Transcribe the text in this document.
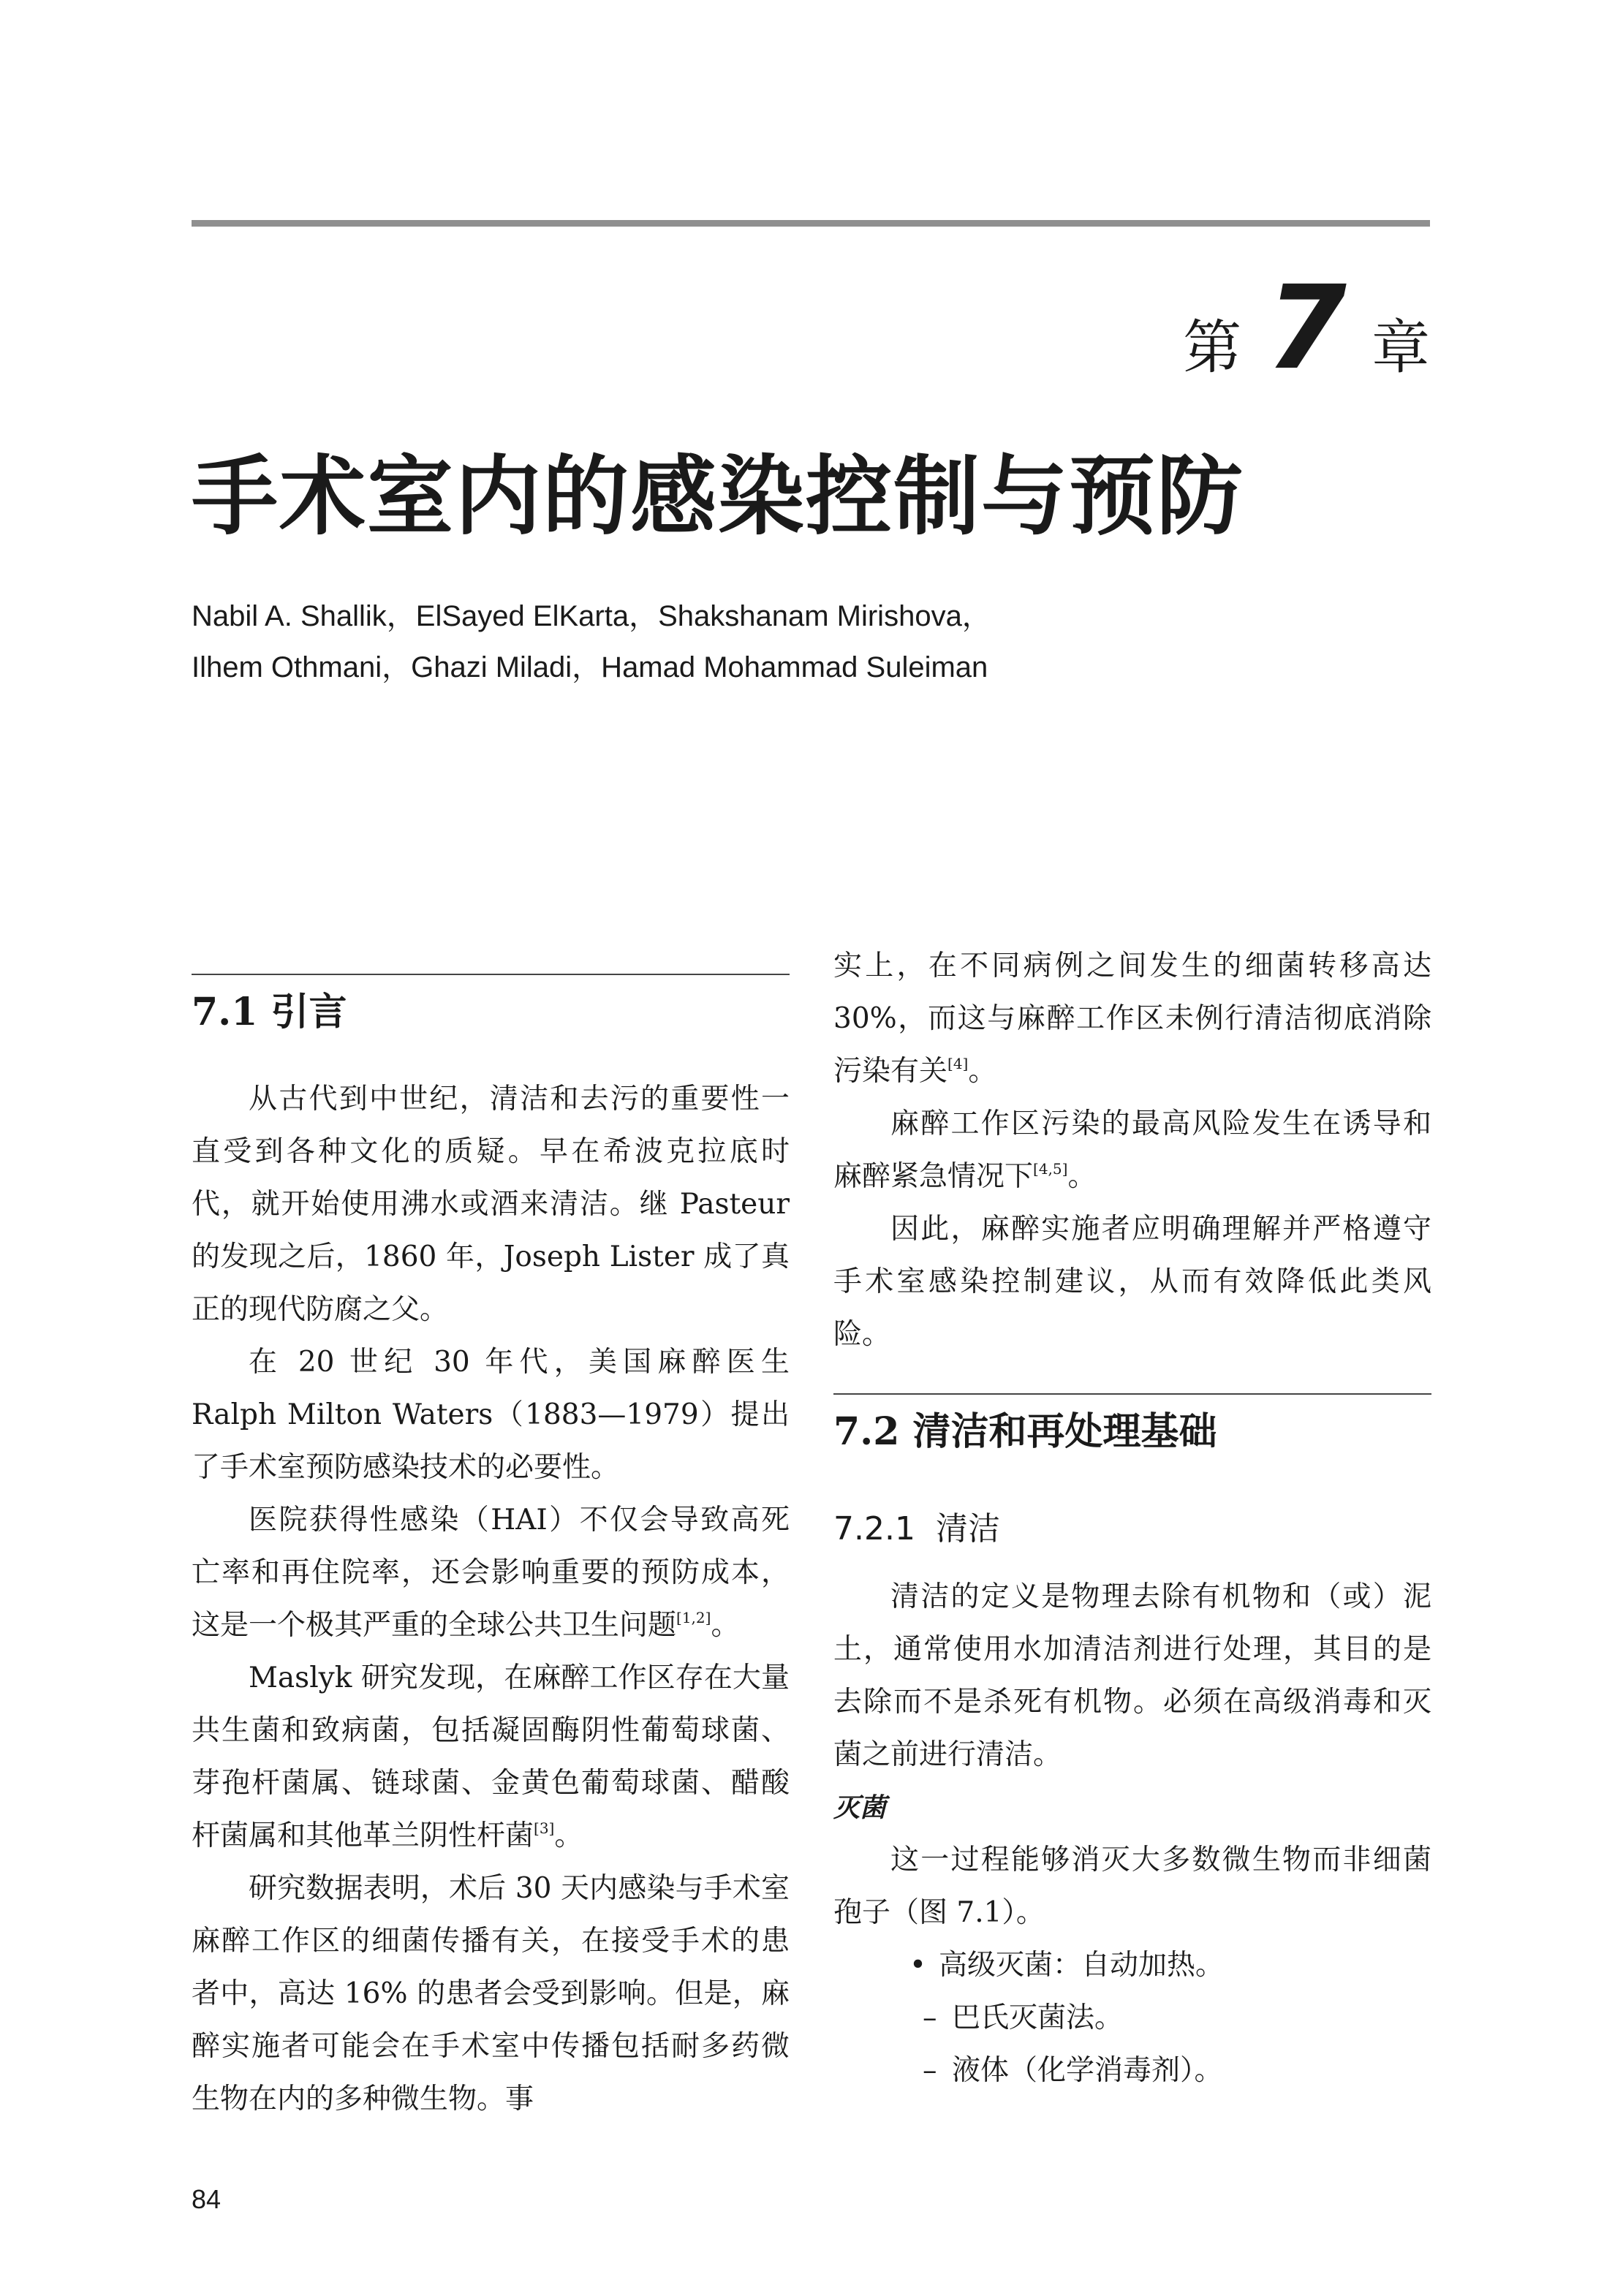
第 7 章
手术室内的感染控制与预防
Nabil A. Shallik，ElSayed ElKarta，Shakshanam Mirishova，
Ilhem Othmani，Ghazi Miladi，Hamad Mohammad Suleiman
7.1 引言

从古代到中世纪，清洁和去污的重要性一直受到各种文化的质疑。早在希波克拉底时代，就开始使用沸水或酒来清洁。继 Pasteur 的发现之后，1860 年，Joseph Lister 成了真正的现代防腐之父。

在 20 世纪 30 年代，美国麻醉医生 Ralph Milton Waters（1883—1979）提出了手术室预防感染技术的必要性。

医院获得性感染（HAI）不仅会导致高死亡率和再住院率，还会影响重要的预防成本，这是一个极其严重的全球公共卫生问题[1,2]。

Maslyk 研究发现，在麻醉工作区存在大量共生菌和致病菌，包括凝固酶阴性葡萄球菌、芽孢杆菌属、链球菌、金黄色葡萄球菌、醋酸杆菌属和其他革兰阴性杆菌[3]。

研究数据表明，术后 30 天内感染与手术室麻醉工作区的细菌传播有关，在接受手术的患者中，高达 16% 的患者会受到影响。但是，麻醉实施者可能会在手术室中传播包括耐多药微生物在内的多种微生物。事

实上，在不同病例之间发生的细菌转移高达 30%，而这与麻醉工作区未例行清洁彻底消除污染有关[4]。

麻醉工作区污染的最高风险发生在诱导和麻醉紧急情况下[4,5]。

因此，麻醉实施者应明确理解并严格遵守手术室感染控制建议，从而有效降低此类风险。

7.2 清洁和再处理基础
7.2.1 清洁

清洁的定义是物理去除有机物和（或）泥土，通常使用水加清洁剂进行处理，其目的是去除而不是杀死有机物。必须在高级消毒和灭菌之前进行清洁。

灭菌

这一过程能够消灭大多数微生物而非细菌孢子（图 7.1）。

• 高级灭菌：自动加热。
– 巴氏灭菌法。
– 液体（化学消毒剂）。
84
